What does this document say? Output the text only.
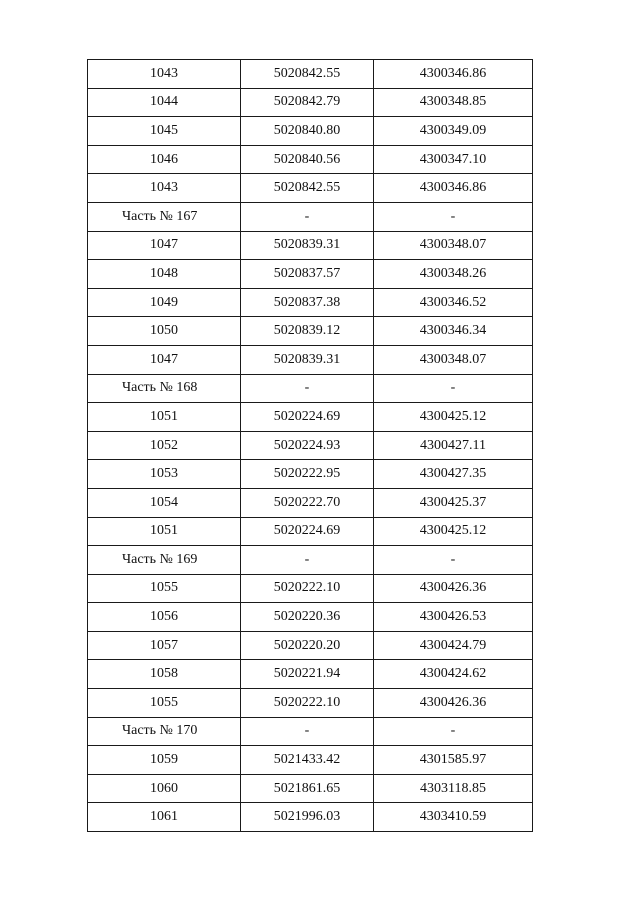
1043	5020842.55	4300346.86
1044	5020842.79	4300348.85
1045	5020840.80	4300349.09
1046	5020840.56	4300347.10
1043	5020842.55	4300346.86
Часть № 167	-	-
1047	5020839.31	4300348.07
1048	5020837.57	4300348.26
1049	5020837.38	4300346.52
1050	5020839.12	4300346.34
1047	5020839.31	4300348.07
Часть № 168	-	-
1051	5020224.69	4300425.12
1052	5020224.93	4300427.11
1053	5020222.95	4300427.35
1054	5020222.70	4300425.37
1051	5020224.69	4300425.12
Часть № 169	-	-
1055	5020222.10	4300426.36
1056	5020220.36	4300426.53
1057	5020220.20	4300424.79
1058	5020221.94	4300424.62
1055	5020222.10	4300426.36
Часть № 170	-	-
1059	5021433.42	4301585.97
1060	5021861.65	4303118.85
1061	5021996.03	4303410.59
